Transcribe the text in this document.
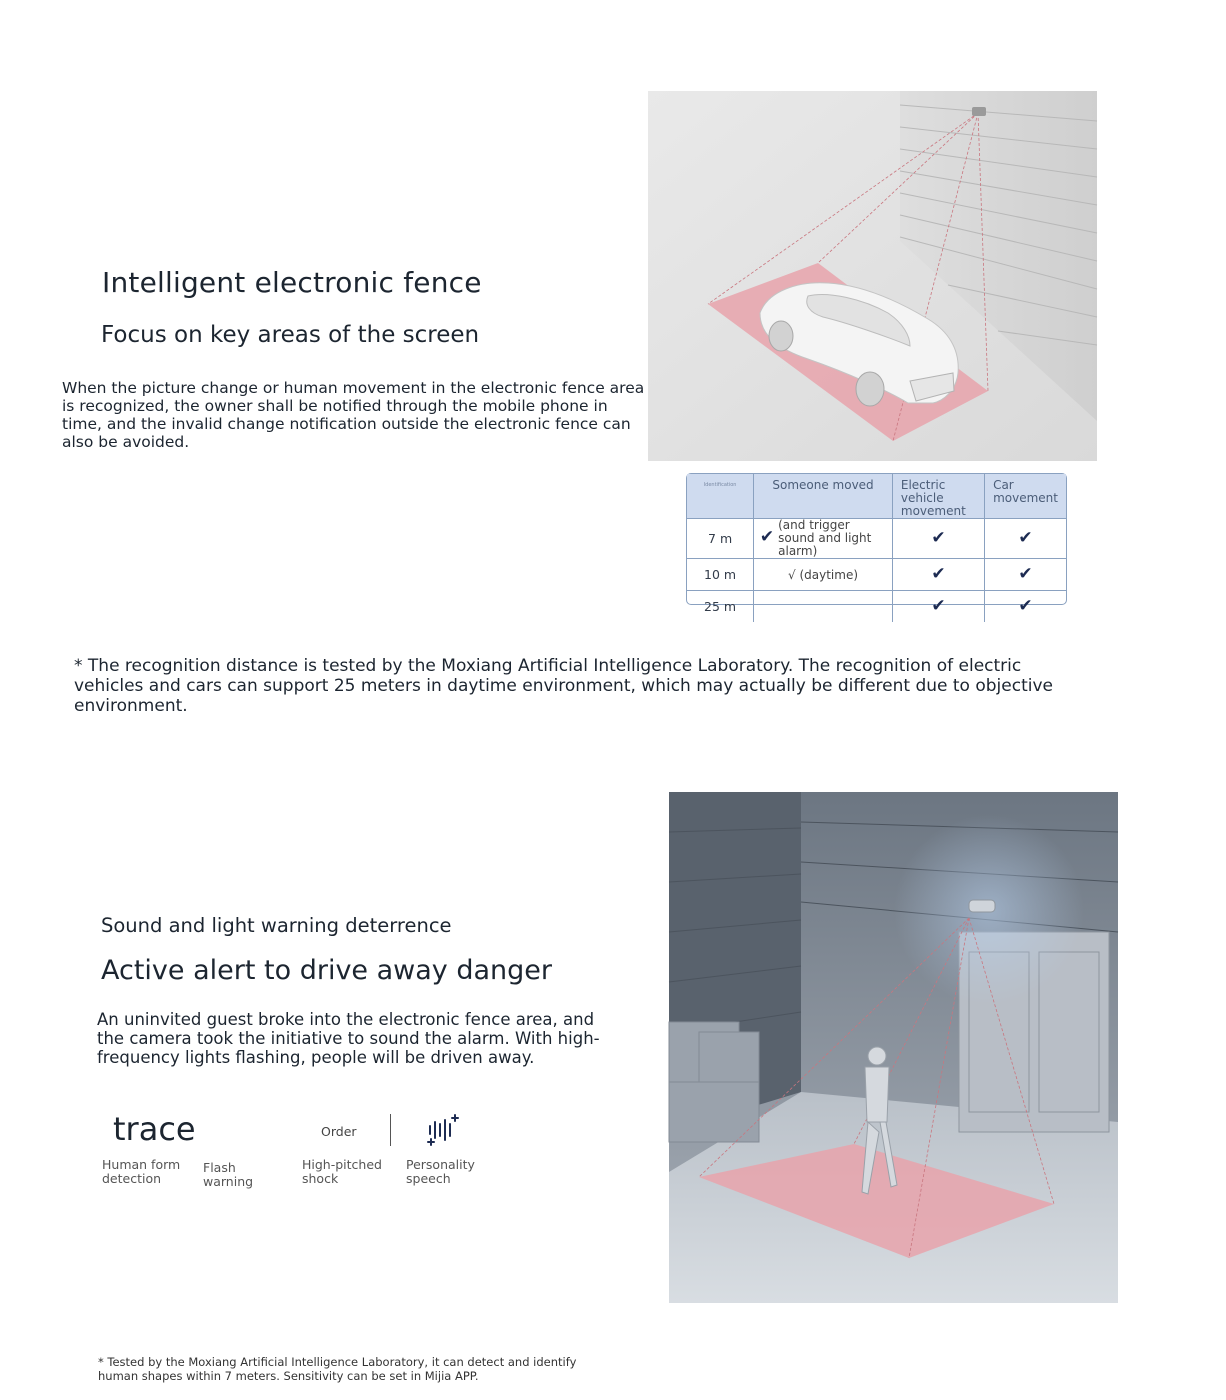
Intelligent electronic fence
Focus on key areas of the screen
When the picture change or human movement in the electronic fence area is recognized, the owner shall be notified through the mobile phone in time, and the invalid change notification outside the electronic fence can also be avoided.
Identification	Someone moved	Electric vehicle movement	Car movement
7 m	✔ (and trigger sound and light alarm)	✔	✔
10 m	√ (daytime)	✔	✔
25 m		✔	✔
* The recognition distance is tested by the Moxiang Artificial Intelligence Laboratory. The recognition of electric vehicles and cars can support 25 meters in daytime environment, which may actually be different due to objective environment.
Sound and light warning deterrence
Active alert to drive away danger
An uninvited guest broke into the electronic fence area, and the camera took the initiative to sound the alarm. With high-frequency lights flashing, people will be driven away.
trace	Order
Human form detection
Flash warning
High-pitched shock
Personality speech
* Tested by the Moxiang Artificial Intelligence Laboratory, it can detect and identify human shapes within 7 meters. Sensitivity can be set in Mijia APP.
